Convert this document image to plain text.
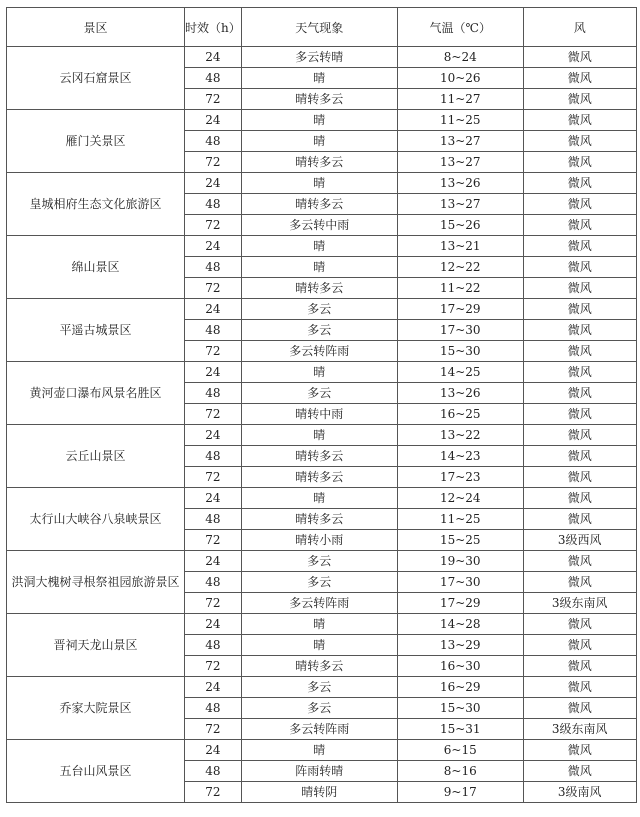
景区	时效（h）	天气现象	气温（℃）	风
云冈石窟景区	24	多云转晴	8~24	微风
	48	晴	10~26	微风
	72	晴转多云	11~27	微风
雁门关景区	24	晴	11~25	微风
	48	晴	13~27	微风
	72	晴转多云	13~27	微风
皇城相府生态文化旅游区	24	晴	13~26	微风
	48	晴转多云	13~27	微风
	72	多云转中雨	15~26	微风
绵山景区	24	晴	13~21	微风
	48	晴	12~22	微风
	72	晴转多云	11~22	微风
平遥古城景区	24	多云	17~29	微风
	48	多云	17~30	微风
	72	多云转阵雨	15~30	微风
黄河壶口瀑布风景名胜区	24	晴	14~25	微风
	48	多云	13~26	微风
	72	晴转中雨	16~25	微风
云丘山景区	24	晴	13~22	微风
	48	晴转多云	14~23	微风
	72	晴转多云	17~23	微风
太行山大峡谷八泉峡景区	24	晴	12~24	微风
	48	晴转多云	11~25	微风
	72	晴转小雨	15~25	3级西风
洪洞大槐树寻根祭祖园旅游景区	24	多云	19~30	微风
	48	多云	17~30	微风
	72	多云转阵雨	17~29	3级东南风
晋祠天龙山景区	24	晴	14~28	微风
	48	晴	13~29	微风
	72	晴转多云	16~30	微风
乔家大院景区	24	多云	16~29	微风
	48	多云	15~30	微风
	72	多云转阵雨	15~31	3级东南风
五台山风景区	24	晴	6~15	微风
	48	阵雨转晴	8~16	微风
	72	晴转阴	9~17	3级南风
